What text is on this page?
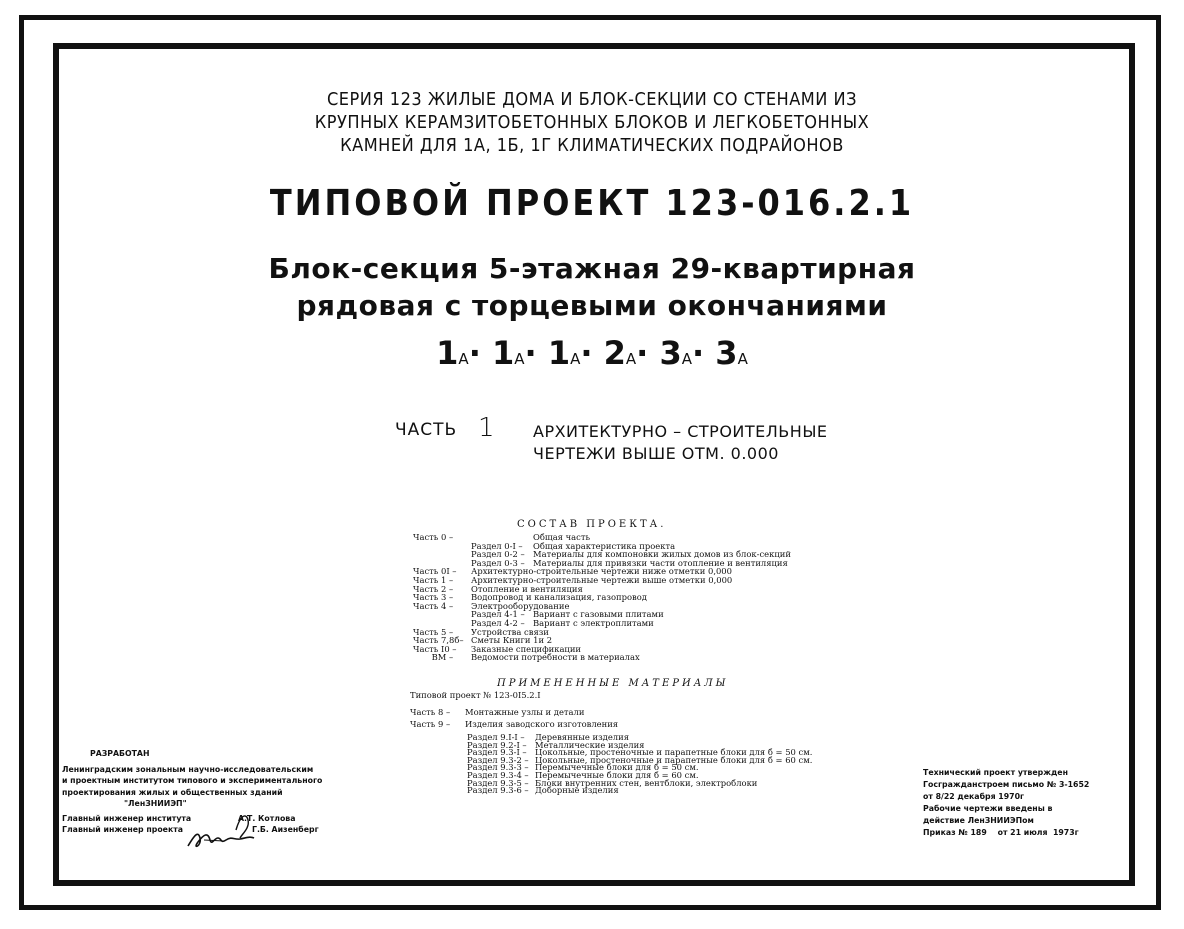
СЕРИЯ 123 ЖИЛЫЕ ДОМА И БЛОК-СЕКЦИИ СО СТЕНАМИ ИЗ
КРУПНЫХ КЕРАМЗИТОБЕТОННЫХ БЛОКОВ И ЛЕГКОБЕТОННЫХ
КАМНЕЙ ДЛЯ 1А, 1Б, 1Г КЛИМАТИЧЕСКИХ ПОДРАЙОНОВ
ТИПОВОЙ ПРОЕКТ 123-016.2.1
Блок-секция 5-этажная 29-квартирная
рядовая с торцевыми окончаниями
1А· 1А· 1А· 2А· 3А· 3А
ЧАСТЬ 1 АРХИТЕКТУРНО – СТРОИТЕЛЬНЫЕ
ЧЕРТЕЖИ ВЫШЕ ОТМ. 0.000
СОСТАВ ПРОЕКТА.
Часть 0 –	Общая часть
Раздел 0-I –	Общая характеристика проекта
Раздел 0-2 – Материалы для компоновки жилых домов из блок-секций
Раздел 0-3 – Материалы для привязки части отопление и вентиляция
Часть 0I –	Архитектурно-строительные чертежи ниже отметки 0,000
Часть 1 –	Архитектурно-строительные чертежи выше отметки 0,000
Часть 2 –	Отопление и вентиляция
Часть 3 –	Водопровод и канализация, газопровод
Часть 4 –	Электрооборудование
Раздел 4-1 – Вариант с газовыми плитами
Раздел 4-2 – Вариант с электроплитами
Часть 5 –	Устройства связи
Часть 7,8б– Сметы Книги 1и 2
Часть I0 –	Заказные спецификации
ВМ –	Ведомости потребности в материалах
ПРИМЕНЕННЫЕ МАТЕРИАЛЫ
Типовой проект № 123-0I5.2.I
Часть 8 –	Монтажные узлы и детали
Часть 9 –	Изделия заводского изготовления
Раздел 9.I-I –	Деревянные изделия
Раздел 9.2-I – Металлические изделия
Раздел 9.3-I – Цокольные, простеночные и парапетные блоки для б = 50 см.
Раздел 9.3-2 – Цокольные, простеночные и парапетные блоки для б = 60 см.
Раздел 9.3-3 – Перемычечные блоки для б = 50 см.
Раздел 9.3-4 – Перемычечные блоки для б = 60 см.
Раздел 9.3-5 – Блоки внутренних стен, вентблоки, электроблоки
Раздел 9.3-6 – Доборные изделия
РАЗРАБОТАН
Ленинградским зональным научно-исследовательским
и проектным институтом типового и экспериментального
проектирования жилых и общественных зданий
"ЛенЗНИИЭП"
Главный инженер института	А.Т. Котлова
Главный инженер проекта	Г.Б. Аизенберг
Технический проект утвержден
Госгражданстроем письмо № 3-1652
от 8/22 декабря 1970г
Рабочие чертежи введены в
действие ЛенЗНИИЭПом
Приказ № 189    от 21 июля  1973г
